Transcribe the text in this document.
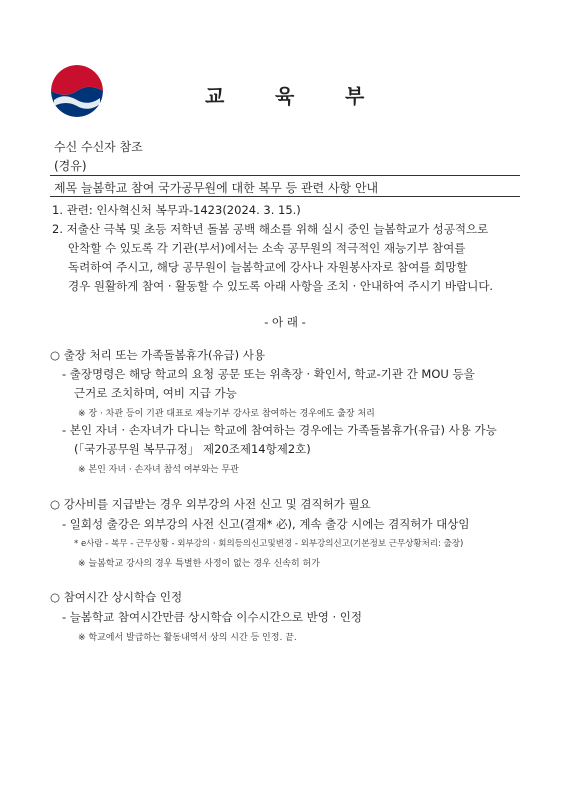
교 육 부
수신 수신자 참조
(경유)
제목 늘봄학교 참여 국가공무원에 대한 복무 등 관련 사항 안내
1. 관련: 인사혁신처 복무과-1423(2024. 3. 15.)
2. 저출산 극복 및 초등 저학년 돌봄 공백 해소를 위해 실시 중인 늘봄학교가 성공적으로
안착할 수 있도록 각 기관(부서)에서는 소속 공무원의 적극적인 재능기부 참여를
독려하여 주시고, 해당 공무원이 늘봄학교에 강사나 자원봉사자로 참여를 희망할
경우 원활하게 참여 · 활동할 수 있도록 아래 사항을 조치 · 안내하여 주시기 바랍니다.
- 아 래 -
○ 출장 처리 또는 가족돌봄휴가(유급) 사용
- 출장명령은 해당 학교의 요청 공문 또는 위촉장 · 확인서, 학교-기관 간 MOU 등을
근거로 조치하며, 여비 지급 가능
※ 장 · 차관 등이 기관 대표로 재능기부 강사로 참여하는 경우에도 출장 처리
- 본인 자녀 · 손자녀가 다니는 학교에 참여하는 경우에는 가족돌봄휴가(유급) 사용 가능
(「국가공무원 복무규정」 제20조제14항제2호)
※ 본인 자녀 · 손자녀 참석 여부와는 무관
○ 강사비를 지급받는 경우 외부강의 사전 신고 및 겸직허가 필요
- 일회성 출강은 외부강의 사전 신고(결재* 必), 계속 출강 시에는 겸직허가 대상임
* e사람 - 복무 - 근무상황 - 외부강의 · 회의등의신고및변경 - 외부강의신고(기본정보 근무상황처리: 출장)
※ 늘봄학교 강사의 경우 특별한 사정이 없는 경우 신속히 허가
○ 참여시간 상시학습 인정
- 늘봄학교 참여시간만큼 상시학습 이수시간으로 반영 · 인정
※ 학교에서 발급하는 활동내역서 상의 시간 등 인정. 끝.
